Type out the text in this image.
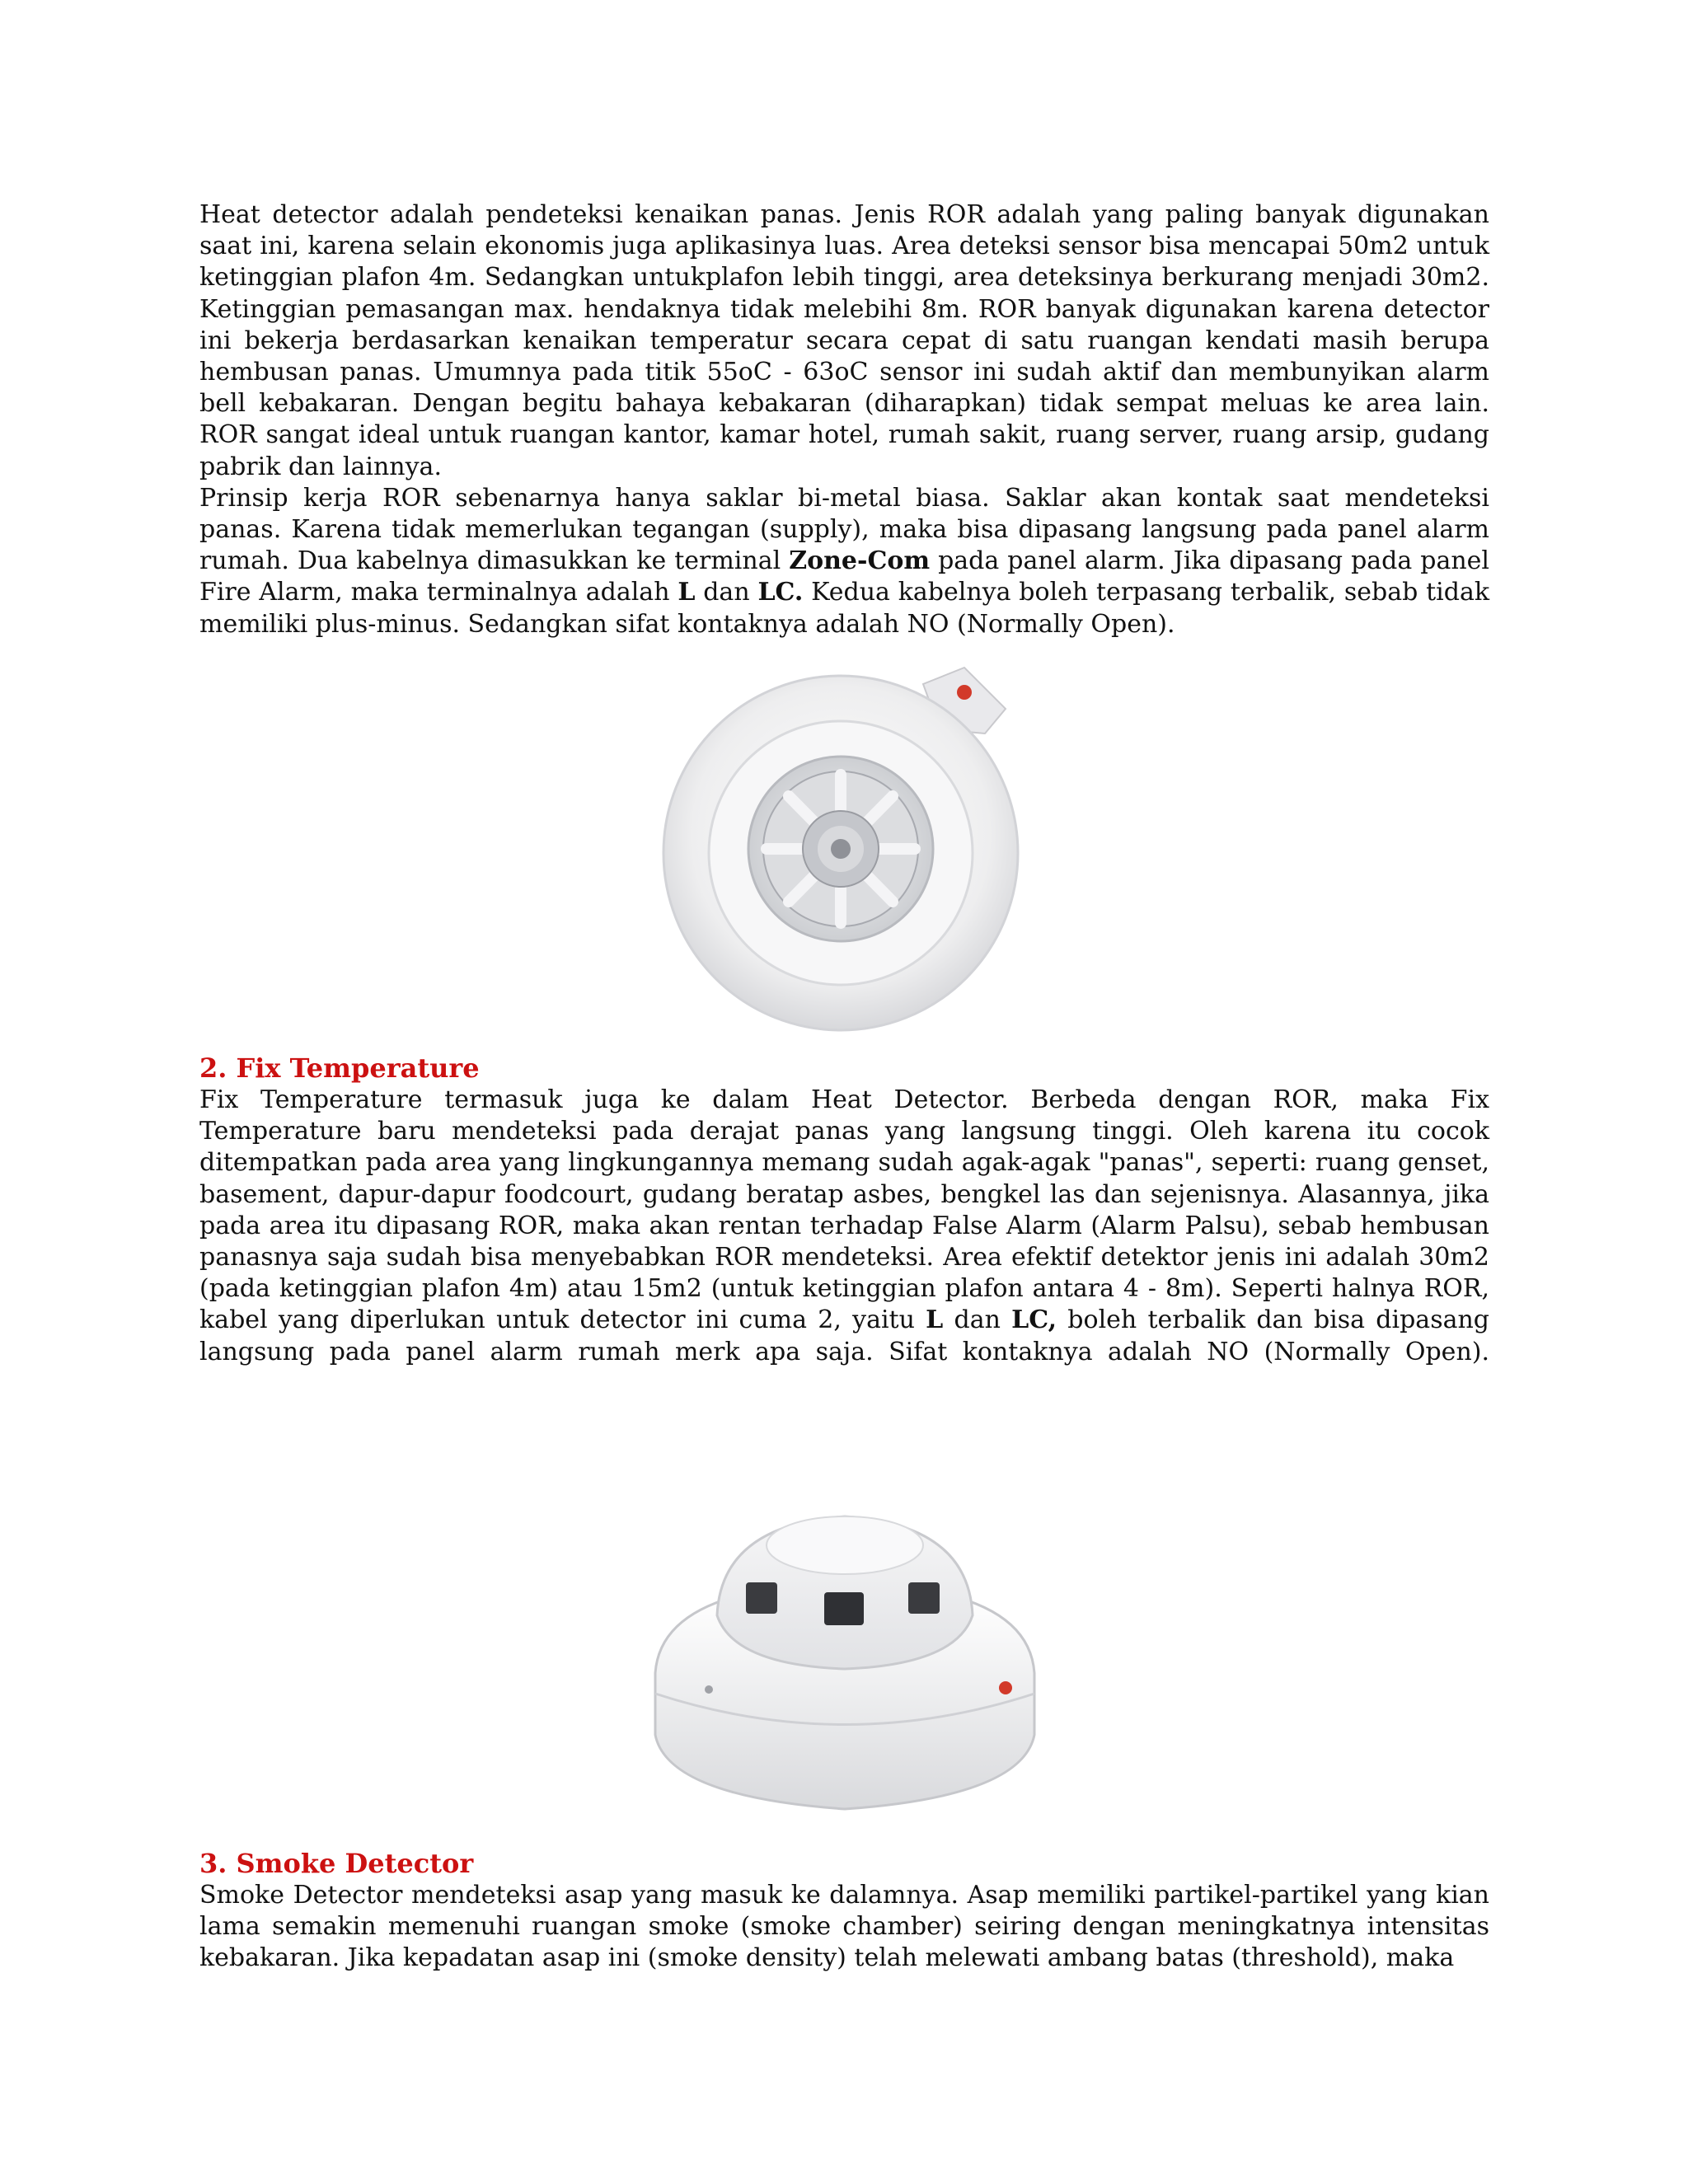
Heat detector adalah pendeteksi kenaikan panas. Jenis ROR adalah yang paling banyak digunakan saat ini, karena selain ekonomis juga aplikasinya luas. Area deteksi sensor bisa mencapai 50m2 untuk ketinggian plafon 4m. Sedangkan untukplafon lebih tinggi, area deteksinya berkurang menjadi 30m2. Ketinggian pemasangan max. hendaknya tidak melebihi 8m. ROR banyak digunakan karena detector ini bekerja berdasarkan kenaikan temperatur secara cepat di satu ruangan kendati masih berupa hembusan panas. Umumnya pada titik 55oC - 63oC sensor ini sudah aktif dan membunyikan alarm bell kebakaran. Dengan begitu bahaya kebakaran (diharapkan) tidak sempat meluas ke area lain. ROR sangat ideal untuk ruangan kantor, kamar hotel, rumah sakit, ruang server, ruang arsip, gudang pabrik dan lainnya.

Prinsip kerja ROR sebenarnya hanya saklar bi-metal biasa. Saklar akan kontak saat mendeteksi panas. Karena tidak memerlukan tegangan (supply), maka bisa dipasang langsung pada panel alarm rumah. Dua kabelnya dimasukkan ke terminal Zone-Com pada panel alarm. Jika dipasang pada panel Fire Alarm, maka terminalnya adalah L dan LC. Kedua kabelnya boleh terpasang terbalik, sebab tidak memiliki plus-minus. Sedangkan sifat kontaknya adalah NO (Normally Open).

2. Fix Temperature

Fix Temperature termasuk juga ke dalam Heat Detector. Berbeda dengan ROR, maka Fix Temperature baru mendeteksi pada derajat panas yang langsung tinggi. Oleh karena itu cocok ditempatkan pada area yang lingkungannya memang sudah agak-agak "panas", seperti: ruang genset, basement, dapur-dapur foodcourt, gudang beratap asbes, bengkel las dan sejenisnya. Alasannya, jika pada area itu dipasang ROR, maka akan rentan terhadap False Alarm (Alarm Palsu), sebab hembusan panasnya saja sudah bisa menyebabkan ROR mendeteksi. Area efektif detektor jenis ini adalah 30m2 (pada ketinggian plafon 4m) atau 15m2 (untuk ketinggian plafon antara 4 - 8m). Seperti halnya ROR, kabel yang diperlukan untuk detector ini cuma 2, yaitu L dan LC, boleh terbalik dan bisa dipasang langsung pada panel alarm rumah merk apa saja. Sifat kontaknya adalah NO (Normally Open).

3. Smoke Detector

Smoke Detector mendeteksi asap yang masuk ke dalamnya. Asap memiliki partikel-partikel yang kian lama semakin memenuhi ruangan smoke (smoke chamber) seiring dengan meningkatnya intensitas kebakaran. Jika kepadatan asap ini (smoke density) telah melewati ambang batas (threshold), maka
